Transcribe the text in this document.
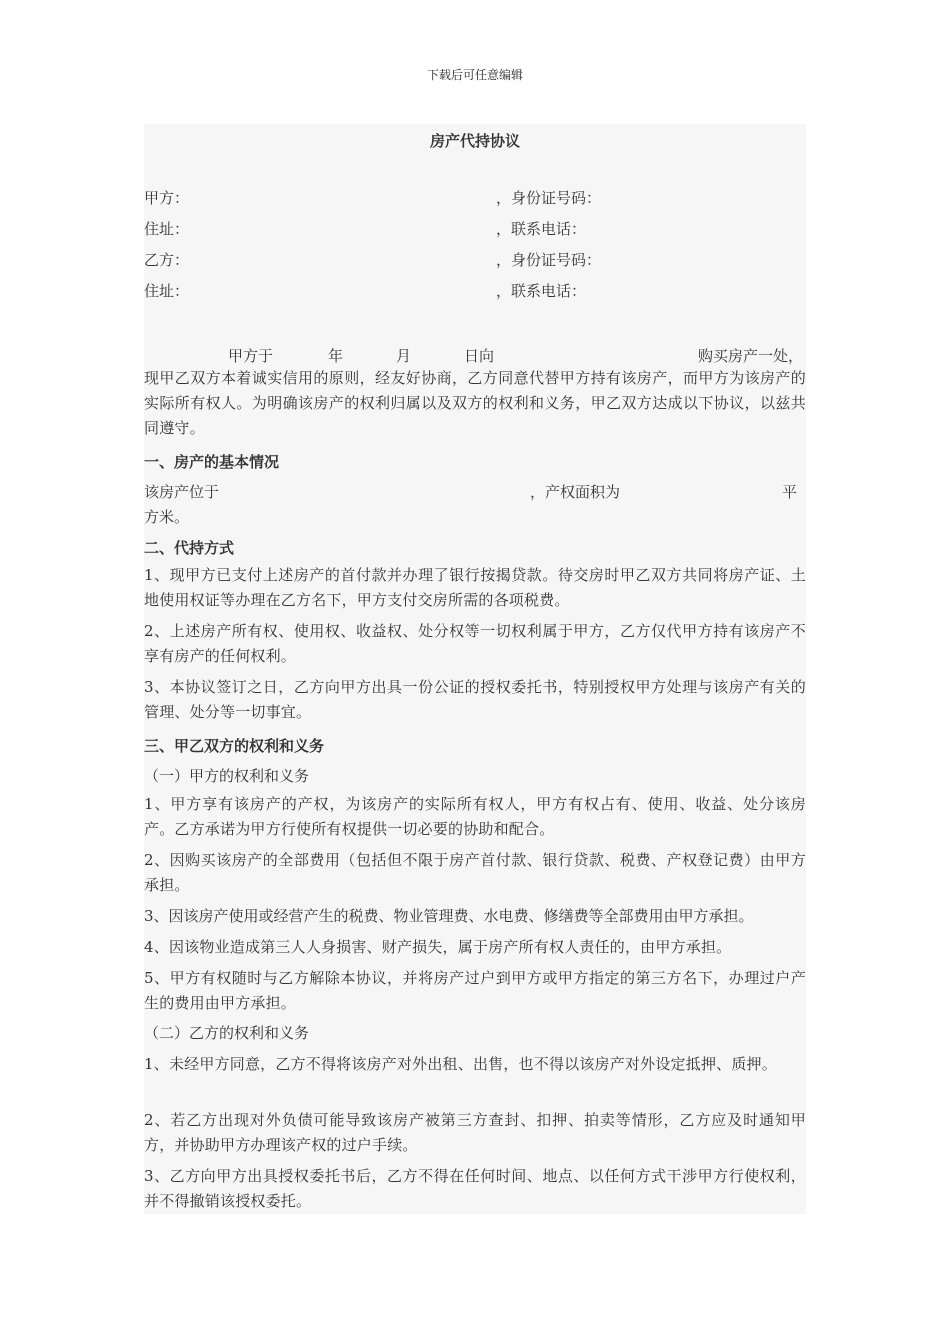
下载后可任意编辑
房产代持协议
甲方：	，身份证号码：
住址：	，联系电话：
乙方：	，身份证号码：
住址：	，联系电话：
甲方于	年	月	日向	购买房产一处，
现甲乙双方本着诚实信用的原则，经友好协商，乙方同意代替甲方持有该房产，而甲方为该房产的实际所有权人。为明确该房产的权利归属以及双方的权利和义务，甲乙双方达成以下协议，以兹共同遵守。
一、房产的基本情况
该房产位于	，产权面积为	平
方米。
二、代持方式
1、现甲方已支付上述房产的首付款并办理了银行按揭贷款。待交房时甲乙双方共同将房产证、土地使用权证等办理在乙方名下，甲方支付交房所需的各项税费。
2、上述房产所有权、使用权、收益权、处分权等一切权利属于甲方，乙方仅代甲方持有该房产不享有房产的任何权利。
3、本协议签订之日，乙方向甲方出具一份公证的授权委托书，特别授权甲方处理与该房产有关的管理、处分等一切事宜。
三、甲乙双方的权利和义务
（一）甲方的权利和义务
1、甲方享有该房产的产权，为该房产的实际所有权人，甲方有权占有、使用、收益、处分该房产。乙方承诺为甲方行使所有权提供一切必要的协助和配合。
2、因购买该房产的全部费用（包括但不限于房产首付款、银行贷款、税费、产权登记费）由甲方承担。
3、因该房产使用或经营产生的税费、物业管理费、水电费、修缮费等全部费用由甲方承担。
4、因该物业造成第三人人身损害、财产损失，属于房产所有权人责任的，由甲方承担。
5、甲方有权随时与乙方解除本协议，并将房产过户到甲方或甲方指定的第三方名下，办理过户产生的费用由甲方承担。
（二）乙方的权利和义务
1、未经甲方同意，乙方不得将该房产对外出租、出售，也不得以该房产对外设定抵押、质押。
2、若乙方出现对外负债可能导致该房产被第三方查封、扣押、拍卖等情形，乙方应及时通知甲方，并协助甲方办理该产权的过户手续。
3、乙方向甲方出具授权委托书后，乙方不得在任何时间、地点、以任何方式干涉甲方行使权利，并不得撤销该授权委托。
